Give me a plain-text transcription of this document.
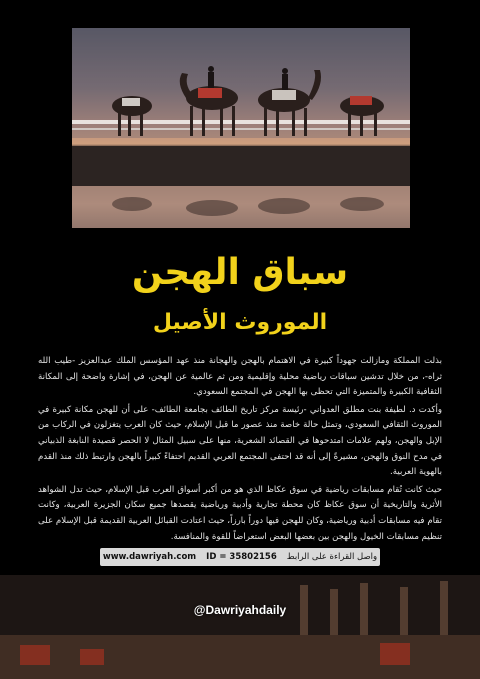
سباق الهجن
الموروث الأصيل

بذلت المملكة ومازالت جهوداً كبيرة في الاهتمام بالهجن والهجانة منذ عهد المؤسس الملك عبدالعزيز -طيب الله ثراه-، من خلال تدشين سباقات رياضية محلية وإقليمية ومن ثم عالمية عن الهجن، في إشارة واضحة إلى المكانة الثقافية الكبيرة والمتميزة التي تحظى بها الهجن في المجتمع السعودي.

وأكدت د. لطيفة بنت مطلق العدواني -رئيسة مركز تاريخ الطائف بجامعة الطائف- على أن للهجن مكانة كبيرة في الموروث الثقافي السعودي، وتمثل حالة خاصة منذ عصور ما قبل الإسلام، حيث كان العرب يتغزلون في الركاب من الإبل والهجن، ولهم علامات امتدحوها في القصائد الشعرية، منها على سبيل المثال لا الحصر قصيدة النابغة الذبياني في مدح النوق والهجن، مشيرةً إلى أنه قد احتفى المجتمع العربي القديم احتفاءً كبيراً بالهجن وارتبط ذلك منذ القدم بالهوية العربية.

حيث كانت تُقام مسابقات رياضية في سوق عكاظ الذي هو من أكبر أسواق العرب قبل الإسلام، حيث تدل الشواهد الأثرية والتاريخية أن سوق عكاظ كان محطة تجارية وأدبية ورياضية يقصدها جميع سكان الجزيرة العربية، وكانت تقام فيه مسابقات أدبية ورياضية، وكان للهجن فيها دوراً بارزاً، حيث اعتادت القبائل العربية القديمة قبل الإسلام على تنظيم مسابقات الخيول والهجن بين بعضها البعض استعراضاً للقوة والمنافسة.

www.dawriyah.com ID = 35802156 واصل القراءة على الرابط
@Dawriyahdaily
